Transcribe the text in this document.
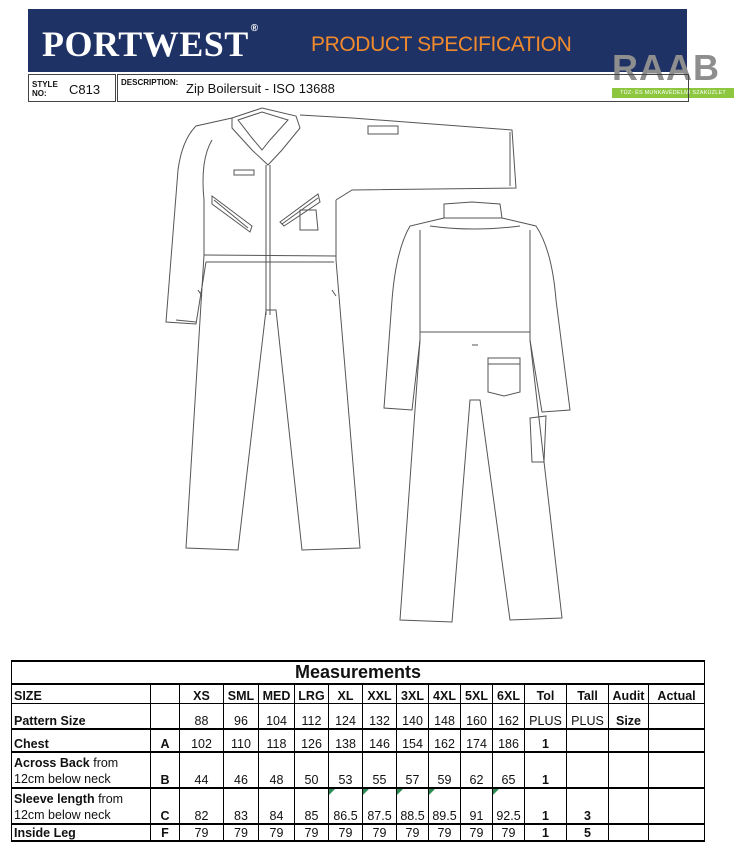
PORTWEST ®
PRODUCT SPECIFICATION
RAAB
TŰZ- ÉS MUNKAVÉDELMI SZAKÜZLET
STYLE
NO:	C813	DESCRIPTION: Zip Boilersuit - ISO 13688
Measurements															
SIZE		XS	SML	MED	LRG	XL	XXL	3XL	4XL	5XL	6XL	Tol	Tall	Audit	Actual
Pattern Size		88	96	104	112	124	132	140	148	160	162	PLUS	PLUS	Size	
Chest	A	102	110	118	126	138	146	154	162	174	186	1			

Across Back from
12cm below neck	B	44	46	48	50	53	55	57	59	62	65	1			

Sleeve length from
12cm below neck	C	82	83	84	85	86.5	87.5	88.5	89.5	91	92.5	1	3		
Inside Leg	F	79	79	79	79	79	79	79	79	79	79	1	5		
